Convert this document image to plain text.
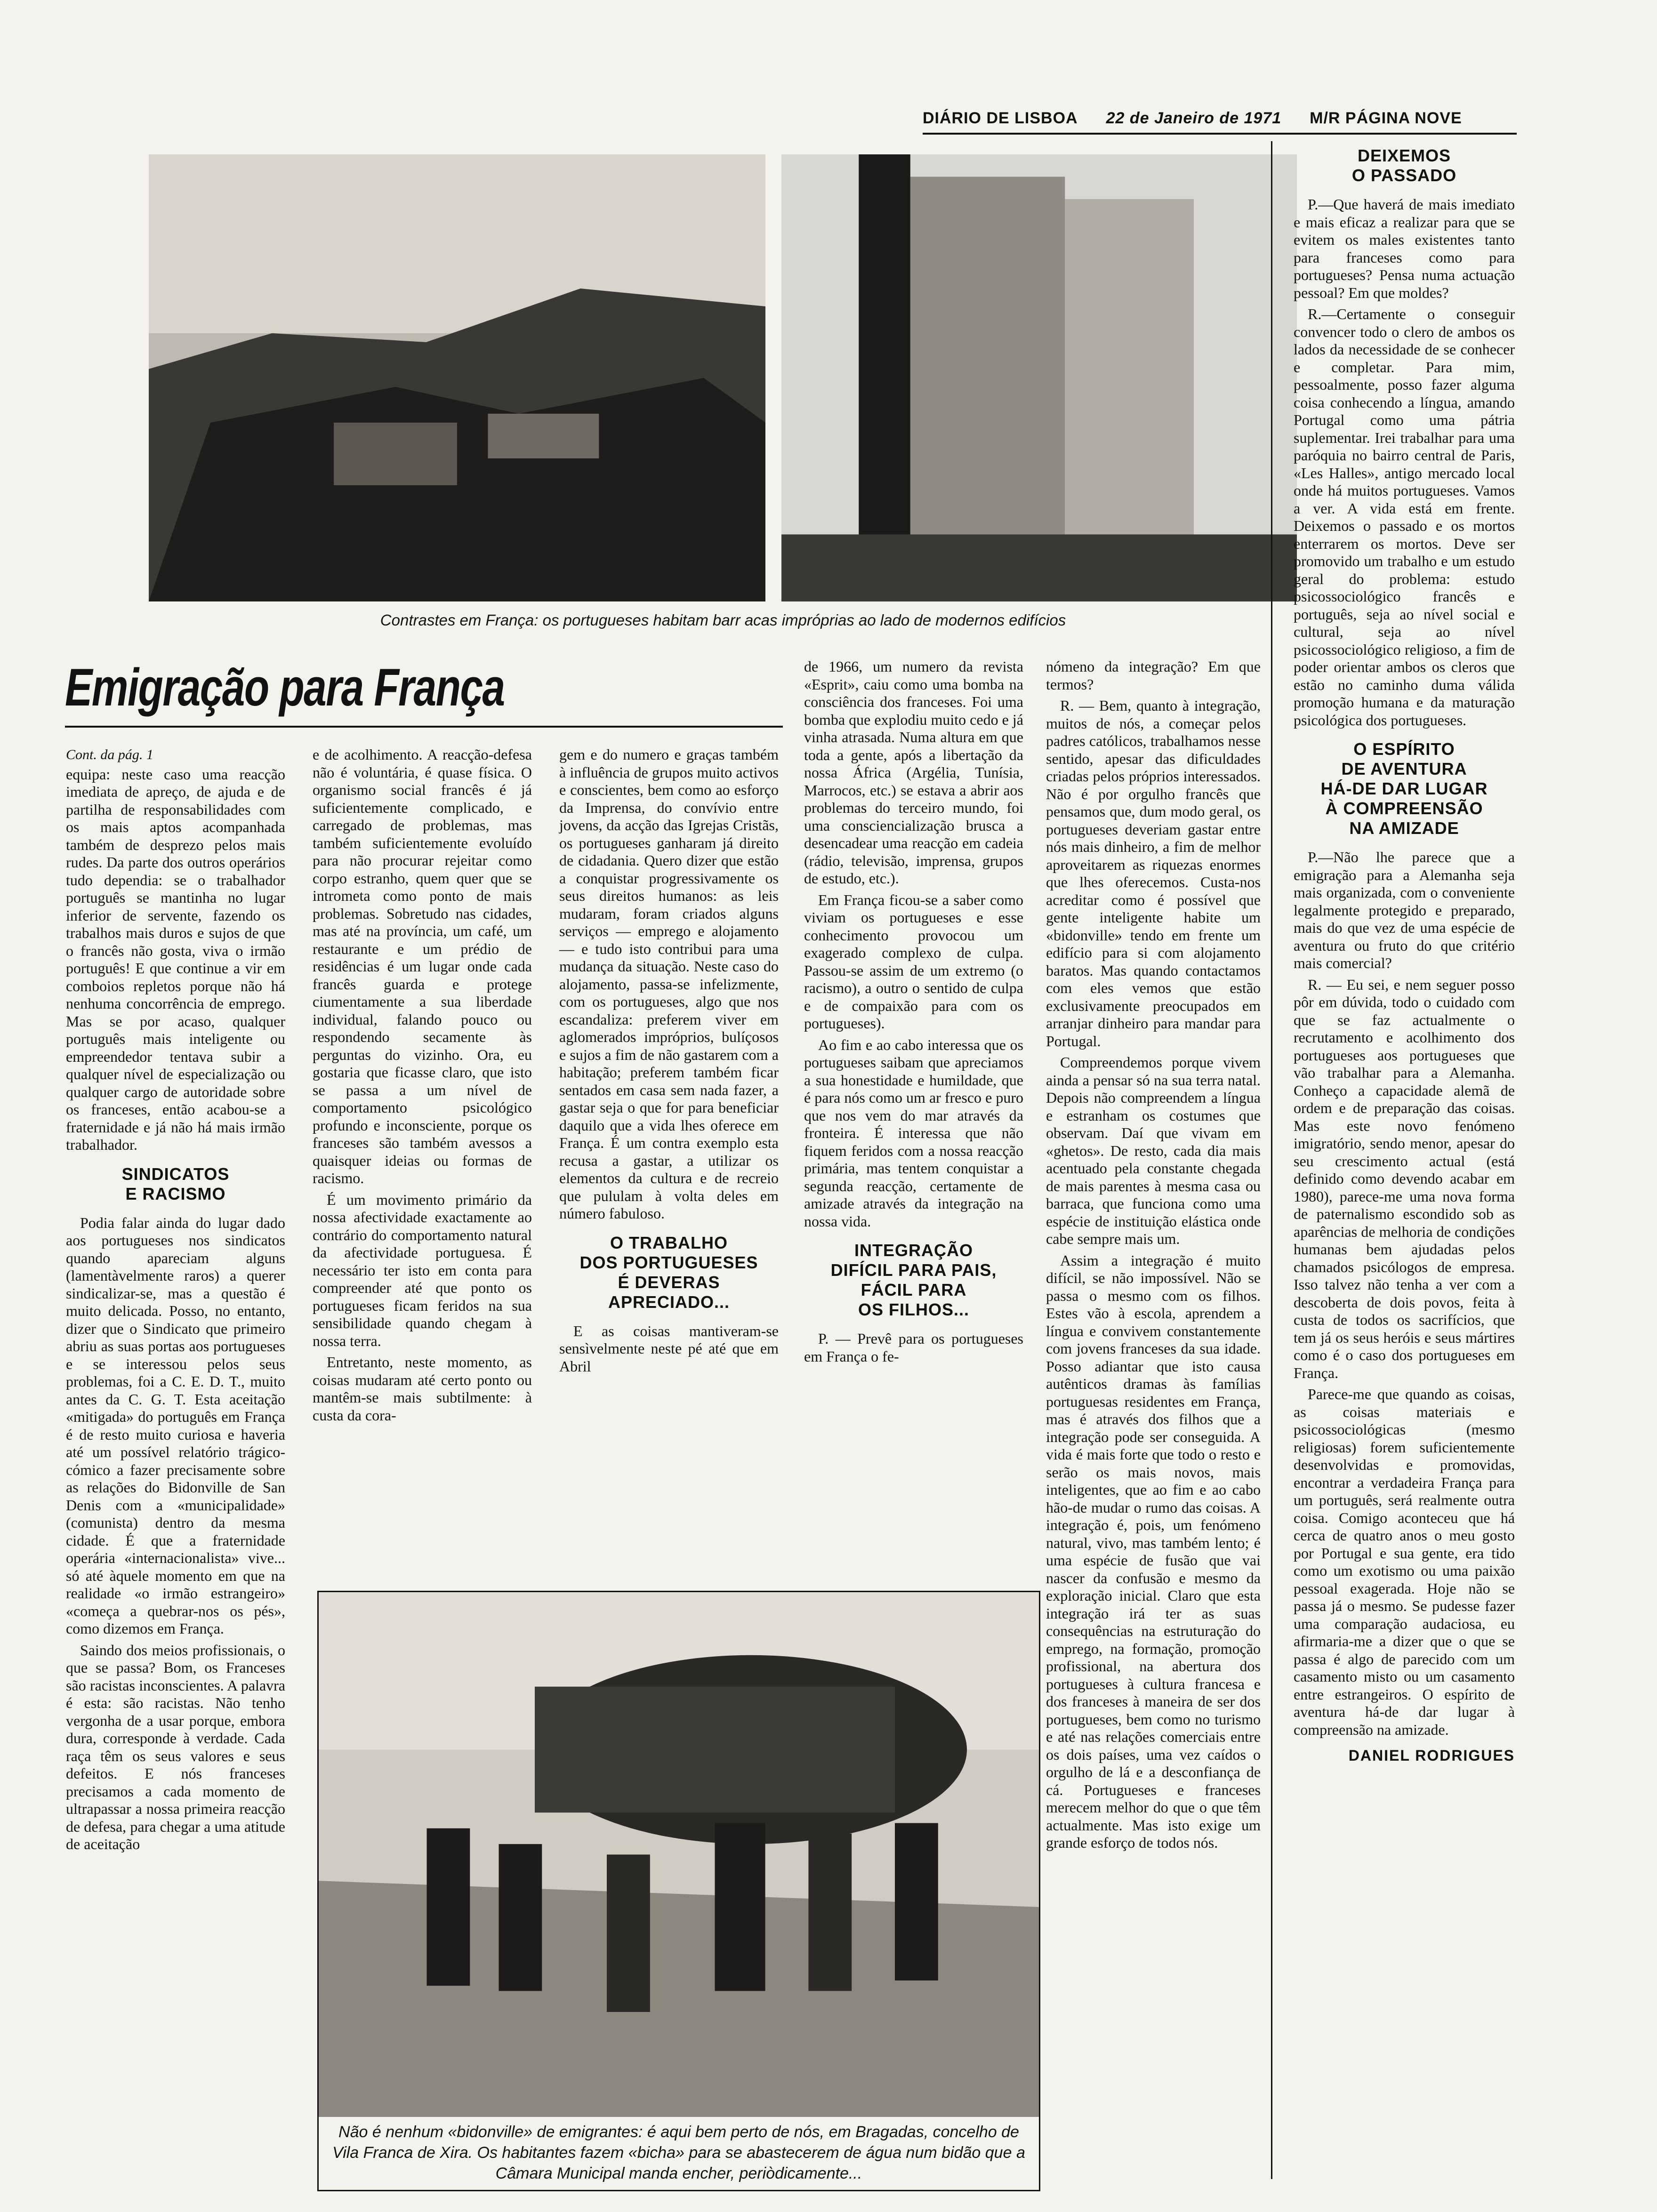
DIÁRIO DE LISBOA 22 de Janeiro de 1971 M/R PÁGINA NOVE
Contrastes em França: os portugueses habitam barr acas impróprias ao lado de modernos edifícios
Emigração para França
Cont. da pág. 1

equipa: neste caso uma reacção imediata de apreço, de ajuda e de partilha de responsabilidades com os mais aptos acompanhada também de desprezo pelos mais rudes. Da parte dos outros operários tudo dependia: se o trabalhador português se mantinha no lugar inferior de servente, fazendo os trabalhos mais duros e sujos de que o francês não gosta, viva o irmão português! E que continue a vir em comboios repletos porque não há nenhuma concorrência de emprego. Mas se por acaso, qualquer português mais inteligente ou empreendedor tentava subir a qualquer nível de especialização ou qualquer cargo de autoridade sobre os franceses, então acabou-se a fraternidade e já não há mais irmão trabalhador.

SINDICATOS
E RACISMO

Podia falar ainda do lugar dado aos portugueses nos sindicatos quando apareciam alguns (lamentàvelmente raros) a querer sindicalizar-se, mas a questão é muito delicada. Posso, no entanto, dizer que o Sindicato que primeiro abriu as suas portas aos portugueses e se interessou pelos seus problemas, foi a C. E. D. T., muito antes da C. G. T. Esta aceitação «mitigada» do português em França é de resto muito curiosa e haveria até um possível relatório trágico-cómico a fazer precisamente sobre as relações do Bidonville de San Denis com a «municipalidade» (comunista) dentro da mesma cidade. É que a fraternidade operária «internacionalista» vive... só até àquele momento em que na realidade «o irmão estrangeiro» «começa a quebrar-nos os pés», como dizemos em França.

Saindo dos meios profissionais, o que se passa? Bom, os Franceses são racistas inconscientes. A palavra é esta: são racistas. Não tenho vergonha de a usar porque, embora dura, corresponde à verdade. Cada raça têm os seus valores e seus defeitos. E nós franceses precisamos a cada momento de ultrapassar a nossa primeira reacção de defesa, para chegar a uma atitude de aceitação

e de acolhimento. A reacção-defesa não é voluntária, é quase física. O organismo social francês é já suficientemente complicado, e carregado de problemas, mas também suficientemente evoluído para não procurar rejeitar como corpo estranho, quem quer que se intrometa como ponto de mais problemas. Sobretudo nas cidades, mas até na província, um café, um restaurante e um prédio de residências é um lugar onde cada francês guarda e protege ciumentamente a sua liberdade individual, falando pouco ou respondendo secamente às perguntas do vizinho. Ora, eu gostaria que ficasse claro, que isto se passa a um nível de comportamento psicológico profundo e inconsciente, porque os franceses são também avessos a quaisquer ideias ou formas de racismo.

É um movimento primário da nossa afectividade exactamente ao contrário do comportamento natural da afectividade portuguesa. É necessário ter isto em conta para compreender até que ponto os portugueses ficam feridos na sua sensibilidade quando chegam à nossa terra.

Entretanto, neste momento, as coisas mudaram até certo ponto ou mantêm-se mais subtilmente: à custa da cora-

gem e do numero e graças também à influência de grupos muito activos e conscientes, bem como ao esforço da Imprensa, do convívio entre jovens, da acção das Igrejas Cristãs, os portugueses ganharam já direito de cidadania. Quero dizer que estão a conquistar progressivamente os seus direitos humanos: as leis mudaram, foram criados alguns serviços — emprego e alojamento — e tudo isto contribui para uma mudança da situação. Neste caso do alojamento, passa-se infelizmente, com os portugueses, algo que nos escandaliza: preferem viver em aglomerados impróprios, bulíçosos e sujos a fim de não gastarem com a habitação; preferem também ficar sentados em casa sem nada fazer, a gastar seja o que for para beneficiar daquilo que a vida lhes oferece em França. É um contra exemplo esta recusa a gastar, a utilizar os elementos da cultura e de recreio que pululam à volta deles em número fabuloso.

O TRABALHO
DOS PORTUGUESES
É DEVERAS
APRECIADO...

E as coisas mantiveram-se sensìvelmente neste pé até que em Abril

de 1966, um numero da revista «Esprit», caiu como uma bomba na consciência dos franceses. Foi uma bomba que explodiu muito cedo e já vinha atrasada. Numa altura em que toda a gente, após a libertação da nossa África (Argélia, Tunísia, Marrocos, etc.) se estava a abrir aos problemas do terceiro mundo, foi uma consciencialização brusca a desencadear uma reacção em cadeia (rádio, televisão, imprensa, grupos de estudo, etc.).

Em França ficou-se a saber como viviam os portugueses e esse conhecimento provocou um exagerado complexo de culpa. Passou-se assim de um extremo (o racismo), a outro o sentido de culpa e de compaixão para com os portugueses).

Ao fim e ao cabo interessa que os portugueses saibam que apreciamos a sua honestidade e humildade, que é para nós como um ar fresco e puro que nos vem do mar através da fronteira. É interessa que não fiquem feridos com a nossa reacção primária, mas tentem conquistar a segunda reacção, certamente de amizade através da integração na nossa vida.

INTEGRAÇÃO
DIFÍCIL PARA PAIS,
FÁCIL PARA
OS FILHOS...

P. — Prevê para os portugueses em França o fe-

nómeno da integração? Em que termos?

R. — Bem, quanto à integração, muitos de nós, a começar pelos padres católicos, trabalhamos nesse sentido, apesar das dificuldades criadas pelos próprios interessados. Não é por orgulho francês que pensamos que, dum modo geral, os portugueses deveriam gastar entre nós mais dinheiro, a fim de melhor aproveitarem as riquezas enormes que lhes oferecemos. Custa-nos acreditar como é possível que gente inteligente habite um «bidonville» tendo em frente um edifício para si com alojamento baratos. Mas quando contactamos com eles vemos que estão exclusivamente preocupados em arranjar dinheiro para mandar para Portugal.

Compreendemos porque vivem ainda a pensar só na sua terra natal. Depois não compreendem a língua e estranham os costumes que observam. Daí que vivam em «ghetos». De resto, cada dia mais acentuado pela constante chegada de mais parentes à mesma casa ou barraca, que funciona como uma espécie de instituição elástica onde cabe sempre mais um.

Assim a integração é muito difícil, se não impossível. Não se passa o mesmo com os filhos. Estes vão à escola, aprendem a língua e convivem constantemente com jovens franceses da sua idade. Posso adiantar que isto causa autênticos dramas às famílias portuguesas residentes em França, mas é através dos filhos que a integração pode ser conseguida. A vida é mais forte que todo o resto e serão os mais novos, mais inteligentes, que ao fim e ao cabo hão-de mudar o rumo das coisas. A integração é, pois, um fenómeno natural, vivo, mas também lento; é uma espécie de fusão que vai nascer da confusão e mesmo da exploração inicial. Claro que esta integração irá ter as suas consequências na estruturação do emprego, na formação, promoção profissional, na abertura dos portugueses à cultura francesa e dos franceses à maneira de ser dos portugueses, bem como no turismo e até nas relações comerciais entre os dois países, uma vez caídos o orgulho de lá e a desconfiança de cá. Portugueses e franceses merecem melhor do que o que têm actualmente. Mas isto exige um grande esforço de todos nós.

Não é nenhum «bidonville» de emigrantes: é aqui bem perto de nós, em Bragadas, concelho de Vila Franca de Xira. Os habitantes fazem «bicha» para se abastecerem de água num bidão que a Câmara Municipal manda encher, periòdicamente...
DEIXEMOS
O PASSADO

P.—Que haverá de mais imediato e mais eficaz a realizar para que se evitem os males existentes tanto para franceses como para portugueses? Pensa numa actuação pessoal? Em que moldes?

R.—Certamente o conseguir convencer todo o clero de ambos os lados da necessidade de se conhecer e completar. Para mim, pessoalmente, posso fazer alguma coisa conhecendo a língua, amando Portugal como uma pátria suplementar. Irei trabalhar para uma paróquia no bairro central de Paris, «Les Halles», antigo mercado local onde há muitos portugueses. Vamos a ver. A vida está em frente. Deixemos o passado e os mortos enterrarem os mortos. Deve ser promovido um trabalho e um estudo geral do problema: estudo psicossociológico francês e português, seja ao nível social e cultural, seja ao nível psicossociológico religioso, a fim de poder orientar ambos os cleros que estão no caminho duma válida promoção humana e da maturação psicológica dos portugueses.

O ESPÍRITO
DE AVENTURA
HÁ-DE DAR LUGAR
À COMPREENSÃO
NA AMIZADE

P.—Não lhe parece que a emigração para a Alemanha seja mais organizada, com o conveniente legalmente protegido e preparado, mais do que vez de uma espécie de aventura ou fruto do que critério mais comercial?

R. — Eu sei, e nem seguer posso pôr em dúvida, todo o cuidado com que se faz actualmente o recrutamento e acolhimento dos portugueses aos portugueses que vão trabalhar para a Alemanha. Conheço a capacidade alemã de ordem e de preparação das coisas. Mas este novo fenómeno imigratório, sendo menor, apesar do seu crescimento actual (está definido como devendo acabar em 1980), parece-me uma nova forma de paternalismo escondido sob as aparências de melhoria de condições humanas bem ajudadas pelos chamados psicólogos de empresa. Isso talvez não tenha a ver com a descoberta de dois povos, feita à custa de todos os sacrifícios, que tem já os seus heróis e seus mártires como é o caso dos portugueses em França.

Parece-me que quando as coisas, as coisas materiais e psicossociológicas (mesmo religiosas) forem suficientemente desenvolvidas e promovidas, encontrar a verdadeira França para um português, será realmente outra coisa. Comigo aconteceu que há cerca de quatro anos o meu gosto por Portugal e sua gente, era tido como um exotismo ou uma paixão pessoal exagerada. Hoje não se passa já o mesmo. Se pudesse fazer uma comparação audaciosa, eu afirmaria-me a dizer que o que se passa é algo de parecido com um casamento misto ou um casamento entre estrangeiros. O espírito de aventura há-de dar lugar à compreensão na amizade.

DANIEL RODRIGUES
